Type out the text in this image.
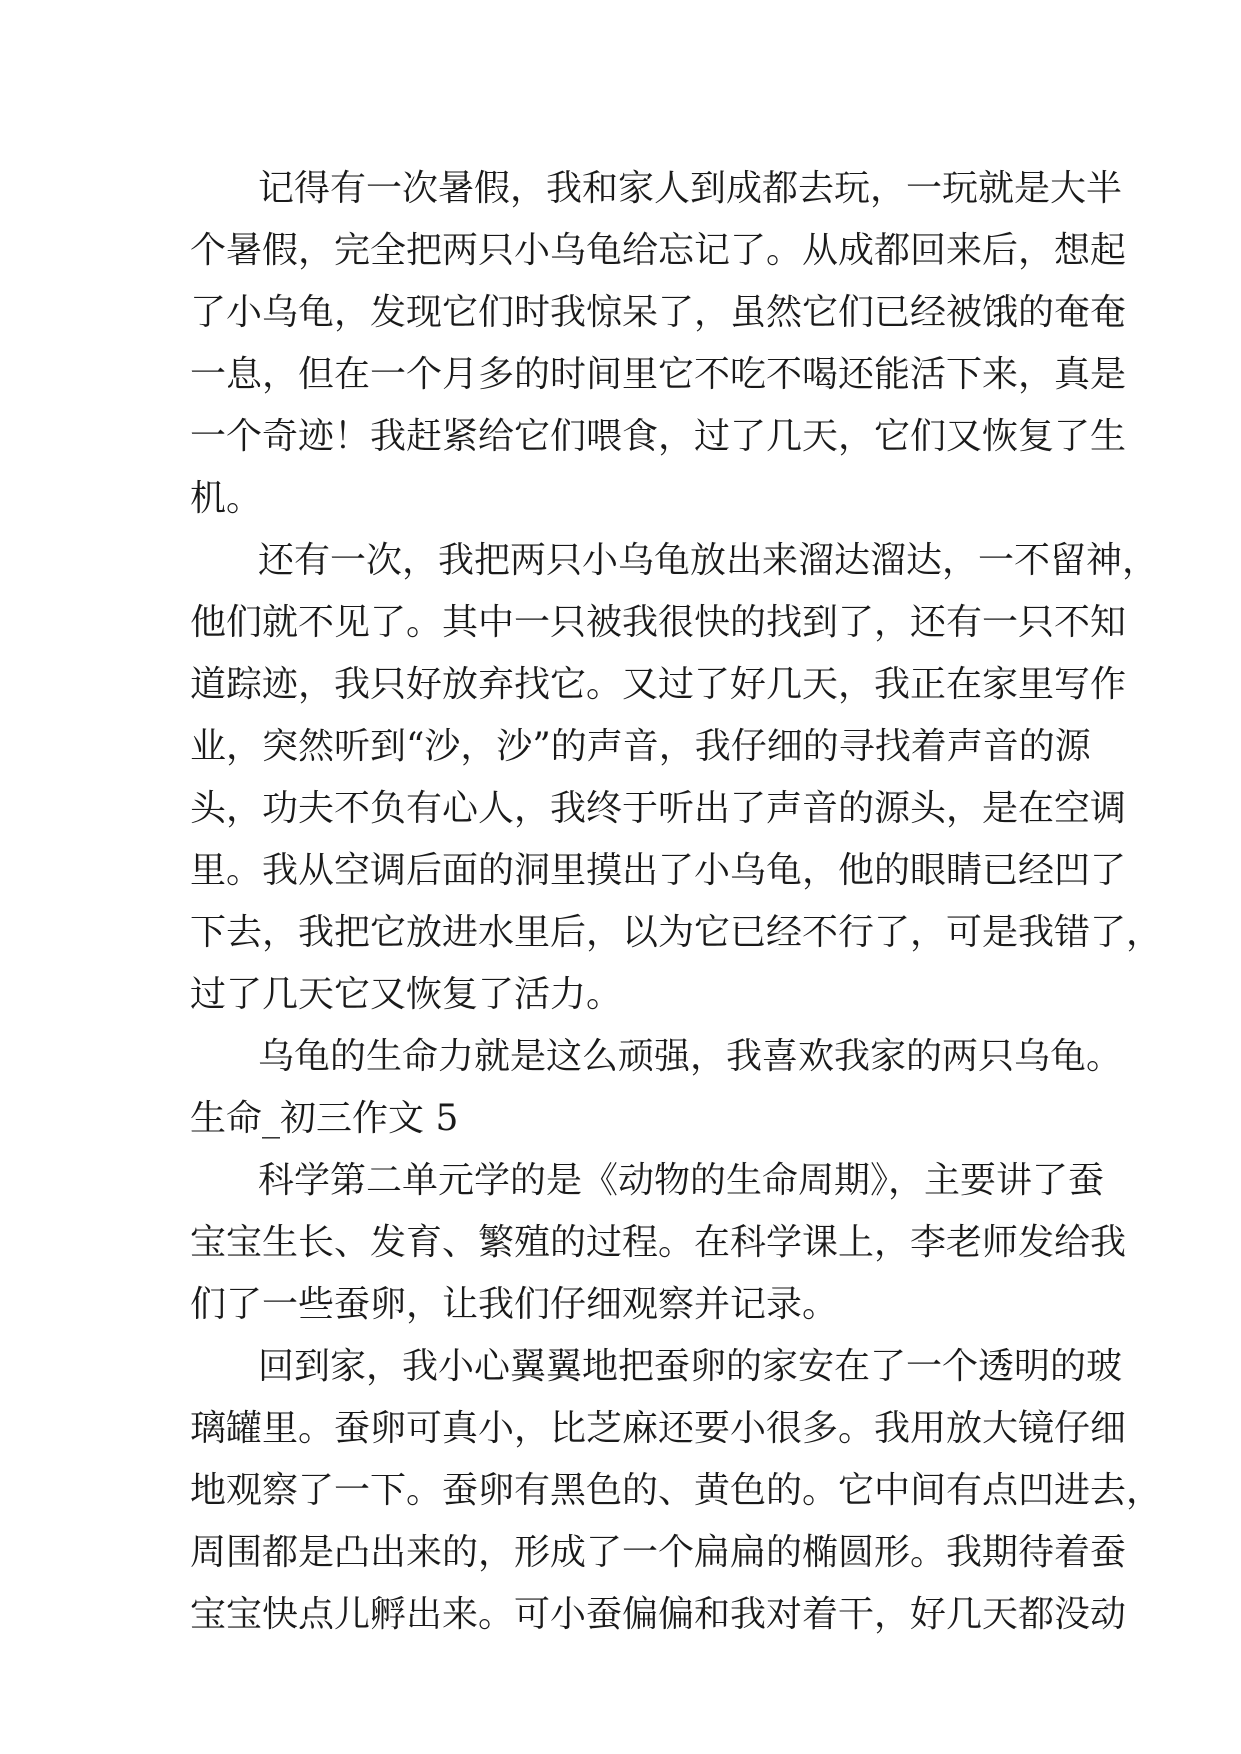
记得有一次暑假，我和家人到成都去玩，一玩就是大半
个暑假，完全把两只小乌龟给忘记了。从成都回来后，想起
了小乌龟，发现它们时我惊呆了，虽然它们已经被饿的奄奄
一息，但在一个月多的时间里它不吃不喝还能活下来，真是
一个奇迹！我赶紧给它们喂食，过了几天，它们又恢复了生
机。
还有一次，我把两只小乌龟放出来溜达溜达，一不留神，
他们就不见了。其中一只被我很快的找到了，还有一只不知
道踪迹，我只好放弃找它。又过了好几天，我正在家里写作
业，突然听到“沙，沙”的声音，我仔细的寻找着声音的源
头，功夫不负有心人，我终于听出了声音的源头，是在空调
里。我从空调后面的洞里摸出了小乌龟，他的眼睛已经凹了
下去，我把它放进水里后，以为它已经不行了，可是我错了，
过了几天它又恢复了活力。
乌龟的生命力就是这么顽强，我喜欢我家的两只乌龟。
生命_初三作文 5
科学第二单元学的是《动物的生命周期》，主要讲了蚕
宝宝生长、发育、繁殖的过程。在科学课上，李老师发给我
们了一些蚕卵，让我们仔细观察并记录。
回到家，我小心翼翼地把蚕卵的家安在了一个透明的玻
璃罐里。蚕卵可真小，比芝麻还要小很多。我用放大镜仔细
地观察了一下。蚕卵有黑色的、黄色的。它中间有点凹进去，
周围都是凸出来的，形成了一个扁扁的椭圆形。我期待着蚕
宝宝快点儿孵出来。可小蚕偏偏和我对着干，好几天都没动
